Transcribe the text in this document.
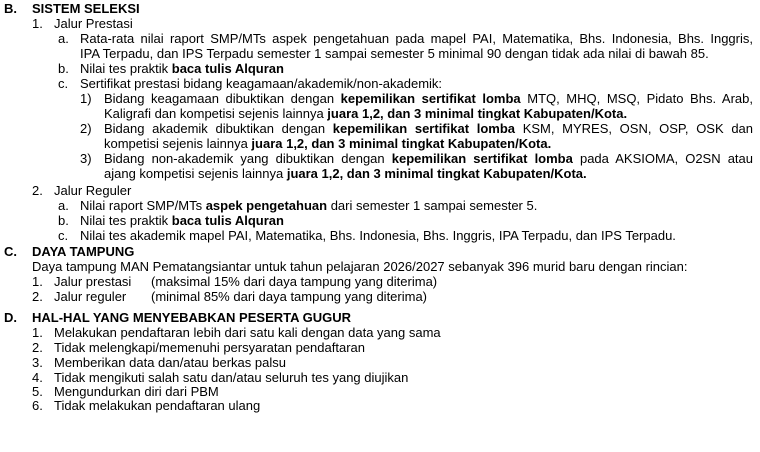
B. SISTEM SELEKSI
1. Jalur Prestasi
a. Rata-rata nilai raport SMP/MTs aspek pengetahuan pada mapel PAI, Matematika, Bhs. Indonesia, Bhs. Inggris,
IPA Terpadu, dan IPS Terpadu semester 1 sampai semester 5 minimal 90 dengan tidak ada nilai di bawah 85.
b. Nilai tes praktik baca tulis Alquran
c. Sertifikat prestasi bidang keagamaan/akademik/non-akademik:
1) Bidang keagamaan dibuktikan dengan kepemilikan sertifikat lomba MTQ, MHQ, MSQ, Pidato Bhs. Arab,
Kaligrafi dan kompetisi sejenis lainnya juara 1,2, dan 3 minimal tingkat Kabupaten/Kota.
2) Bidang akademik dibuktikan dengan kepemilikan sertifikat lomba KSM, MYRES, OSN, OSP, OSK dan
kompetisi sejenis lainnya juara 1,2, dan 3 minimal tingkat Kabupaten/Kota.
3) Bidang non-akademik yang dibuktikan dengan kepemilikan sertifikat lomba pada AKSIOMA, O2SN atau
ajang kompetisi sejenis lainnya juara 1,2, dan 3 minimal tingkat Kabupaten/Kota.
2. Jalur Reguler
a. Nilai raport SMP/MTs aspek pengetahuan dari semester 1 sampai semester 5.
b. Nilai tes praktik baca tulis Alquran
c. Nilai tes akademik mapel PAI, Matematika, Bhs. Indonesia, Bhs. Inggris, IPA Terpadu, dan IPS Terpadu.
C. DAYA TAMPUNG
Daya tampung MAN Pematangsiantar untuk tahun pelajaran 2026/2027 sebanyak 396 murid baru dengan rincian:
1. Jalur prestasi (maksimal 15% dari daya tampung yang diterima)
2. Jalur reguler (minimal 85% dari daya tampung yang diterima)
D. HAL-HAL YANG MENYEBABKAN PESERTA GUGUR
1. Melakukan pendaftaran lebih dari satu kali dengan data yang sama
2. Tidak melengkapi/memenuhi persyaratan pendaftaran
3. Memberikan data dan/atau berkas palsu
4. Tidak mengikuti salah satu dan/atau seluruh tes yang diujikan
5. Mengundurkan diri dari PBM
6. Tidak melakukan pendaftaran ulang
